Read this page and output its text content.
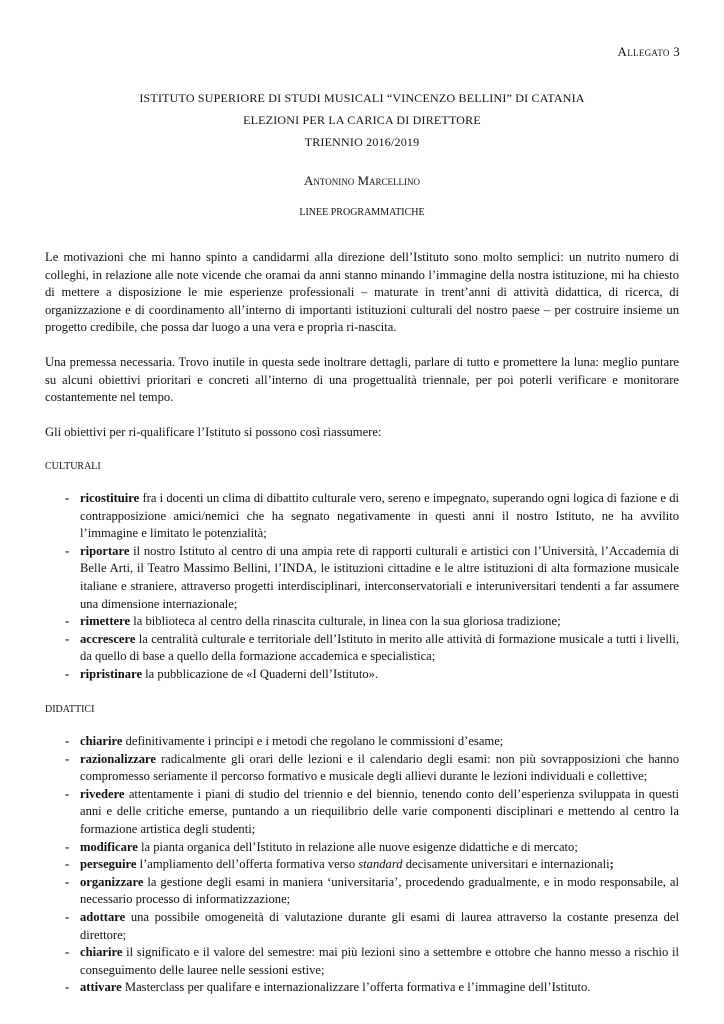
Allegato 3
ISTITUTO SUPERIORE DI STUDI MUSICALI “VINCENZO BELLINI” DI CATANIA
ELEZIONI PER LA CARICA DI DIRETTORE
TRIENNIO 2016/2019
Antonino Marcellino
LINEE PROGRAMMATICHE

Le motivazioni che mi hanno spinto a candidarmi alla direzione dell’Istituto sono molto semplici: un nutrito numero di colleghi, in relazione alle note vicende che oramai da anni stanno minando l’immagine della nostra istituzione, mi ha chiesto di mettere a disposizione le mie esperienze professionali – maturate in trent’anni di attività didattica, di ricerca, di organizzazione e di coordinamento all’interno di importanti istituzioni culturali del nostro paese – per costruire insieme un progetto credibile, che possa dar luogo a una vera e propria ri-nascita.

Una premessa necessaria. Trovo inutile in questa sede inoltrare dettagli, parlare di tutto e promettere la luna: meglio puntare su alcuni obiettivi prioritari e concreti all’interno di una progettualità triennale, per poi poterli verificare e monitorare costantemente nel tempo.

Gli obiettivi per ri-qualificare l’Istituto si possono così riassumere:

CULTURALI
- ricostituire fra i docenti un clima di dibattito culturale vero, sereno e impegnato, superando ogni logica di fazione e di contrapposizione amici/nemici che ha segnato negativamente in questi anni il nostro Istituto, ne ha avvilito l’immagine e limitato le potenzialità;
- riportare il nostro Istituto al centro di una ampia rete di rapporti culturali e artistici con l’Università, l’Accademia di Belle Arti, il Teatro Massimo Bellini, l’INDA, le istituzioni cittadine e le altre istituzioni di alta formazione musicale italiane e straniere, attraverso progetti interdisciplinari, interconservatoriali e interuniversitari tendenti a far assumere una dimensione internazionale;
- rimettere la biblioteca al centro della rinascita culturale, in linea con la sua gloriosa tradizione;
- accrescere la centralità culturale e territoriale dell’Istituto in merito alle attività di formazione musicale a tutti i livelli, da quello di base a quello della formazione accademica e specialistica;
- ripristinare la pubblicazione de «I Quaderni dell’Istituto».
DIDATTICI
- chiarire definitivamente i principi e i metodi che regolano le commissioni d’esame;
- razionalizzare radicalmente gli orari delle lezioni e il calendario degli esami: non più sovrapposizioni che hanno compromesso seriamente il percorso formativo e musicale degli allievi durante le lezioni individuali e collettive;
- rivedere attentamente i piani di studio del triennio e del biennio, tenendo conto dell’esperienza sviluppata in questi anni e delle critiche emerse, puntando a un riequilibrio delle varie componenti disciplinari e mettendo al centro la formazione artistica degli studenti;
- modificare la pianta organica dell’Istituto in relazione alle nuove esigenze didattiche e di mercato;
- perseguire l’ampliamento dell’offerta formativa verso standard decisamente universitari e internazionali;
- organizzare la gestione degli esami in maniera ‘universitaria’, procedendo gradualmente, e in modo responsabile, al necessario processo di informatizzazione;
- adottare una possibile omogeneità di valutazione durante gli esami di laurea attraverso la costante presenza del direttore;
- chiarire il significato e il valore del semestre: mai più lezioni sino a settembre e ottobre che hanno messo a rischio il conseguimento delle lauree nelle sessioni estive;
- attivare Masterclass per qualifare e internazionalizzare l’offerta formativa e l’immagine dell’Istituto.
